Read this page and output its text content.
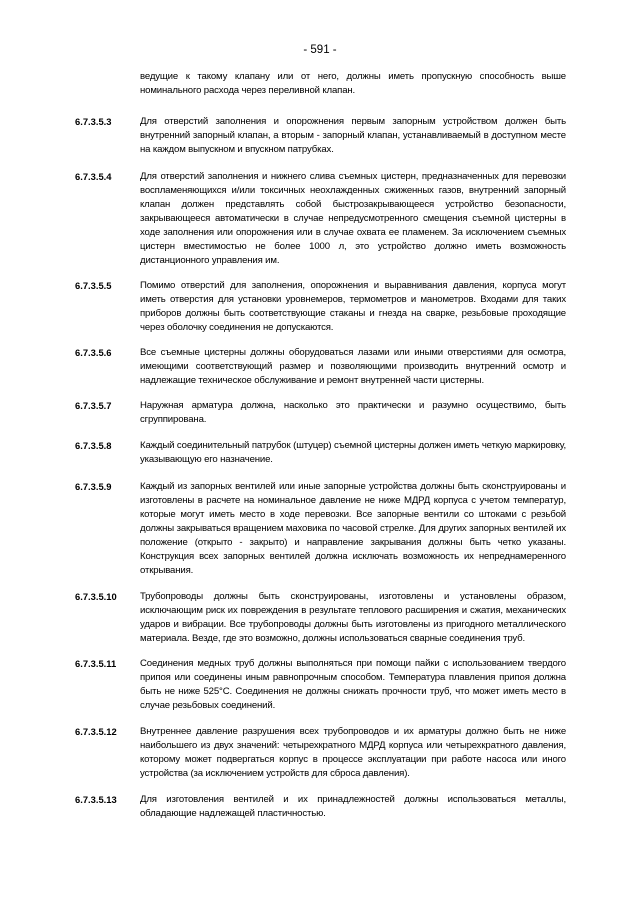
- 591 -
ведущие к такому клапану или от него, должны иметь пропускную способность выше номинального расхода через переливной клапан.
6.7.3.5.3	Для отверстий заполнения и опорожнения первым запорным устройством должен быть внутренний запорный клапан, а вторым - запорный клапан, устанавливаемый в доступном месте на каждом выпускном и впускном патрубках.
6.7.3.5.4	Для отверстий заполнения и нижнего слива съемных цистерн, предназначенных для перевозки воспламеняющихся и/или токсичных неохлажденных сжиженных газов, внутренний запорный клапан должен представлять собой быстрозакрывающееся устройство безопасности, закрывающееся автоматически в случае непредусмотренного смещения съемной цистерны в ходе заполнения или опорожнения или в случае охвата ее пламенем. За исключением съемных цистерн вместимостью не более 1000 л, это устройство должно иметь возможность дистанционного управления им.
6.7.3.5.5	Помимо отверстий для заполнения, опорожнения и выравнивания давления, корпуса могут иметь отверстия для установки уровнемеров, термометров и манометров. Входами для таких приборов должны быть соответствующие стаканы и гнезда на сварке, резьбовые проходящие через оболочку соединения не допускаются.
6.7.3.5.6	Все съемные цистерны должны оборудоваться лазами или иными отверстиями для осмотра, имеющими соответствующий размер и позволяющими производить внутренний осмотр и надлежащие техническое обслуживание и ремонт внутренней части цистерны.
6.7.3.5.7	Наружная арматура должна, насколько это практически и разумно осуществимо, быть сгруппирована.
6.7.3.5.8	Каждый соединительный патрубок (штуцер) съемной цистерны должен иметь четкую маркировку, указывающую его назначение.
6.7.3.5.9	Каждый из запорных вентилей или иные запорные устройства должны быть сконструированы и изготовлены в расчете на номинальное давление не ниже МДРД корпуса с учетом температур, которые могут иметь место в ходе перевозки. Все запорные вентили со штоками с резьбой должны закрываться вращением маховика по часовой стрелке. Для других запорных вентилей их положение (открыто - закрыто) и направление закрывания должны быть четко указаны. Конструкция всех запорных вентилей должна исключать возможность их непреднамеренного открывания.
6.7.3.5.10	Трубопроводы должны быть сконструированы, изготовлены и установлены образом, исключающим риск их повреждения в результате теплового расширения и сжатия, механических ударов и вибрации. Все трубопроводы должны быть изготовлены из пригодного металлического материала. Везде, где это возможно, должны использоваться сварные соединения труб.
6.7.3.5.11	Соединения медных труб должны выполняться при помощи пайки с использованием твердого припоя или соединены иным равнопрочным способом. Температура плавления припоя должна быть не ниже 525°C. Соединения не должны снижать прочности труб, что может иметь место в случае резьбовых соединений.
6.7.3.5.12	Внутреннее давление разрушения всех трубопроводов и их арматуры должно быть не ниже наибольшего из двух значений: четырехкратного МДРД корпуса или четырехкратного давления, которому может подвергаться корпус в процессе эксплуатации при работе насоса или иного устройства (за исключением устройств для сброса давления).
6.7.3.5.13	Для изготовления вентилей и их принадлежностей должны использоваться металлы, обладающие надлежащей пластичностью.
